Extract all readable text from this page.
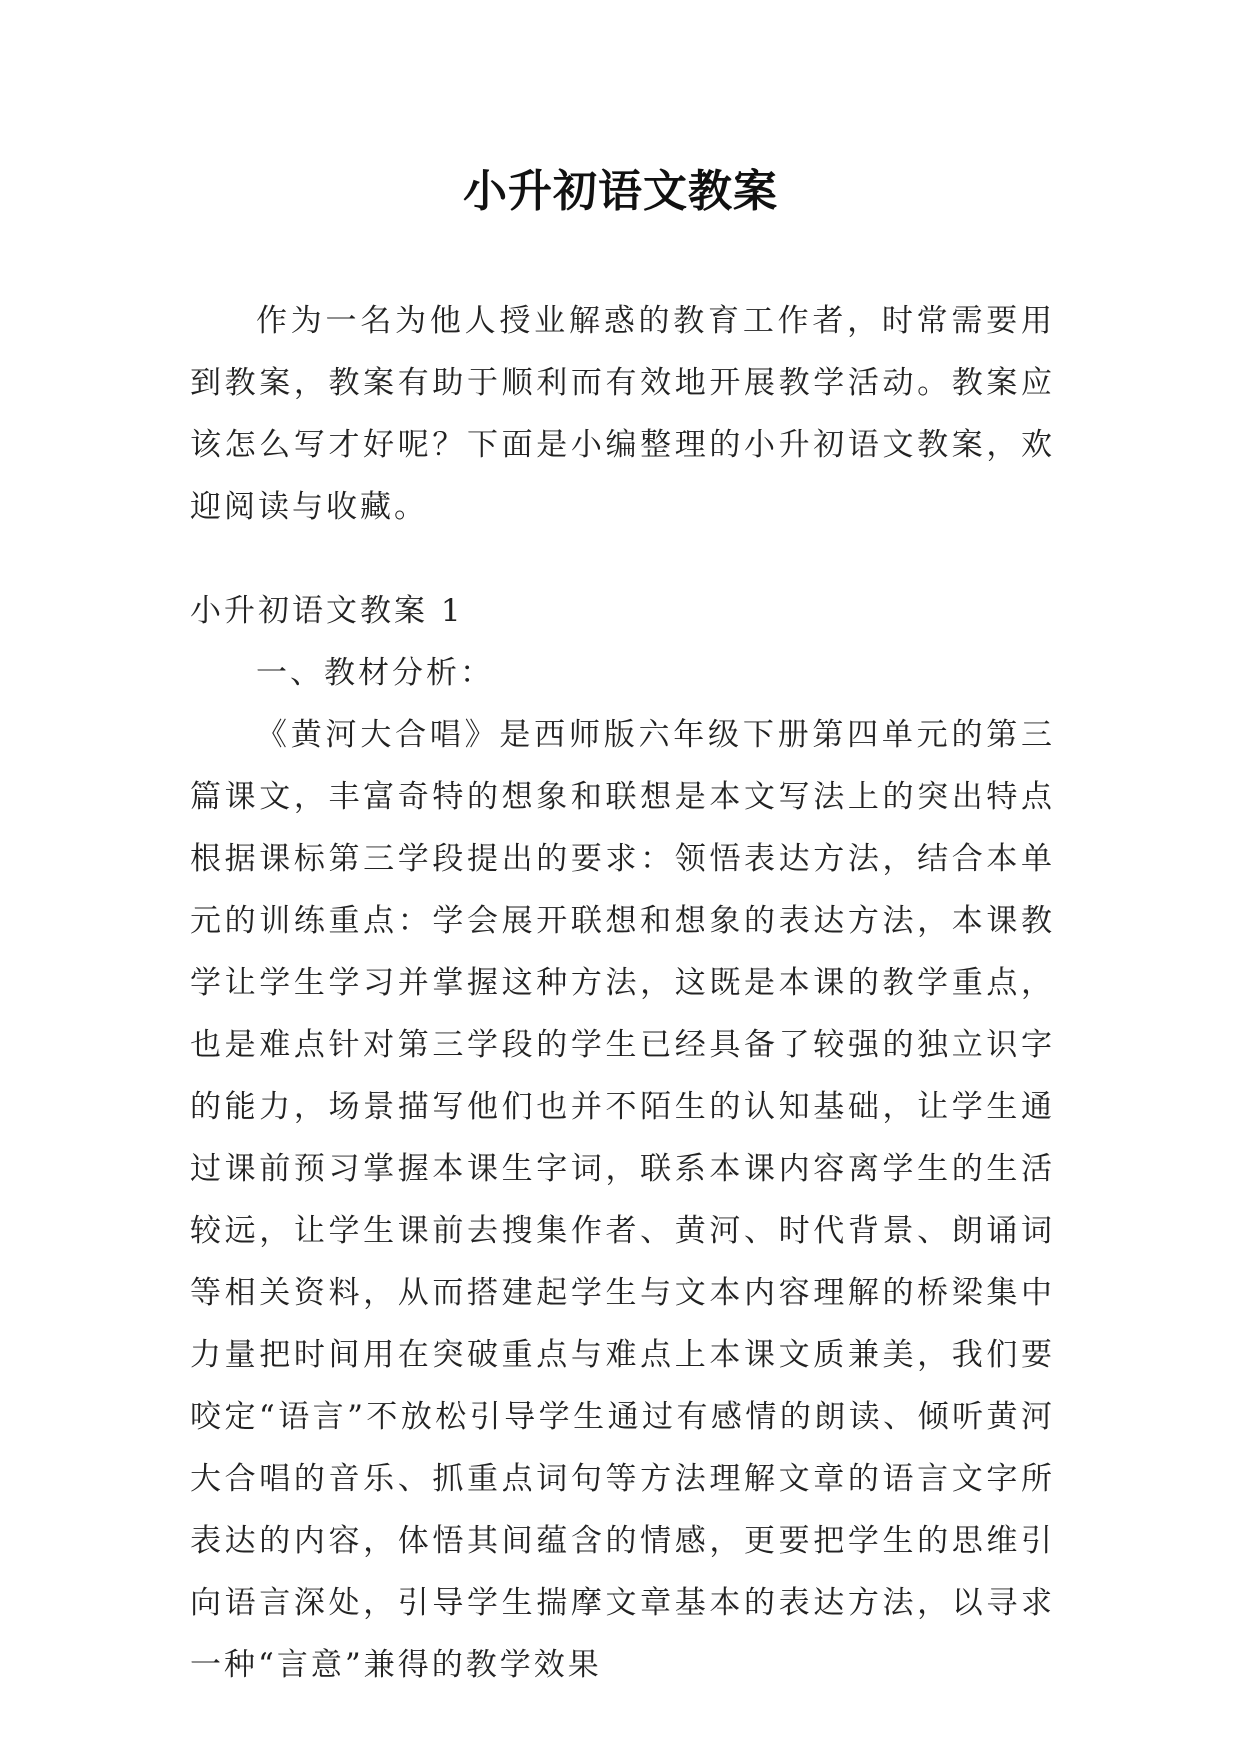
小升初语文教案

作为一名为他人授业解惑的教育工作者，时常需要用到教案，教案有助于顺利而有效地开展教学活动。教案应该怎么写才好呢？下面是小编整理的小升初语文教案，欢迎阅读与收藏。

小升初语文教案 1
一、教材分析：

《黄河大合唱》是西师版六年级下册第四单元的第三篇课文，丰富奇特的想象和联想是本文写法上的突出特点根据课标第三学段提出的要求：领悟表达方法，结合本单元的训练重点：学会展开联想和想象的表达方法，本课教学让学生学习并掌握这种方法，这既是本课的教学重点，也是难点针对第三学段的学生已经具备了较强的独立识字的能力，场景描写他们也并不陌生的认知基础，让学生通过课前预习掌握本课生字词，联系本课内容离学生的生活较远，让学生课前去搜集作者、黄河、时代背景、朗诵词等相关资料，从而搭建起学生与文本内容理解的桥梁集中力量把时间用在突破重点与难点上本课文质兼美，我们要咬定“语言”不放松引导学生通过有感情的朗读、倾听黄河大合唱的音乐、抓重点词句等方法理解文章的语言文字所表达的内容，体悟其间蕴含的情感，更要把学生的思维引向语言深处，引导学生揣摩文章基本的表达方法，以寻求一种“言意”兼得的教学效果
